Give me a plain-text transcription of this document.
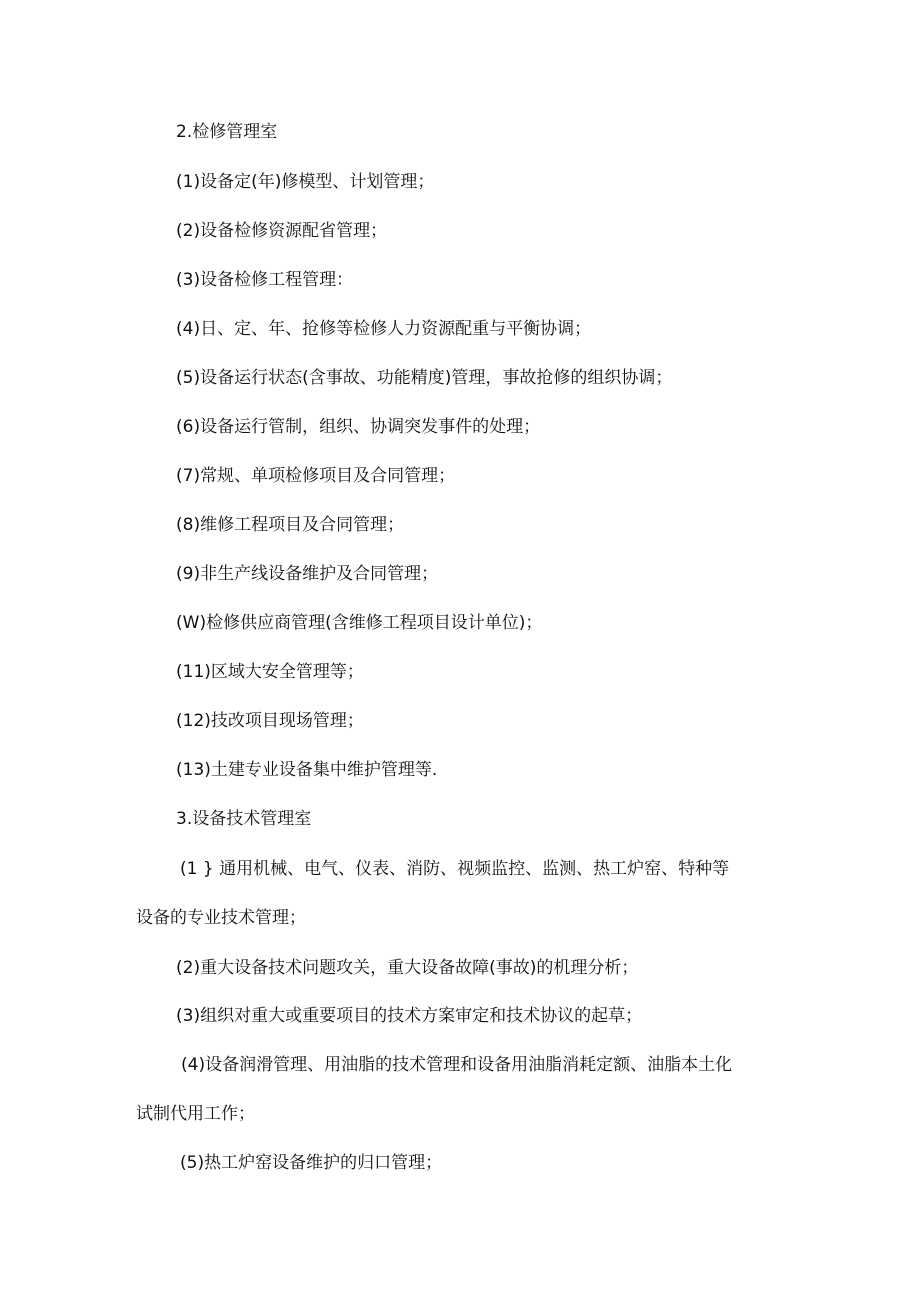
2.检修管理室
(1)设备定(年)修模型、计划管理；
(2)设备检修资源配省管理；
(3)设备检修工程管理：
(4)日、定、年、抢修等检修人力资源配重与平衡协调；
(5)设备运行状态(含事故、功能精度)管理，事故抢修的组织协调；
(6)设备运行管制，组织、协调突发事件的处理；
(7)常规、单项检修项目及合同管理；
(8)维修工程项目及合同管理；
(9)非生产线设备维护及合同管理；
(W)检修供应商管理(含维修工程项目设计单位)；
(11)区域大安全管理等；
(12)技改项目现场管理；
(13)土建专业设备集中维护管理等.
3.设备技术管理室
(1 } 通用机械、电气、仪表、消防、视频监控、监测、热工炉窑、特种等
设备的专业技术管理；
(2)重大设备技术问题攻关，重大设备故障(事故)的机理分析；
(3)组织对重大或重要项目的技术方案审定和技术协议的起草；
(4)设备润滑管理、用油脂的技术管理和设备用油脂消耗定额、油脂本土化
试制代用工作；
(5)热工炉窑设备维护的归口管理；
